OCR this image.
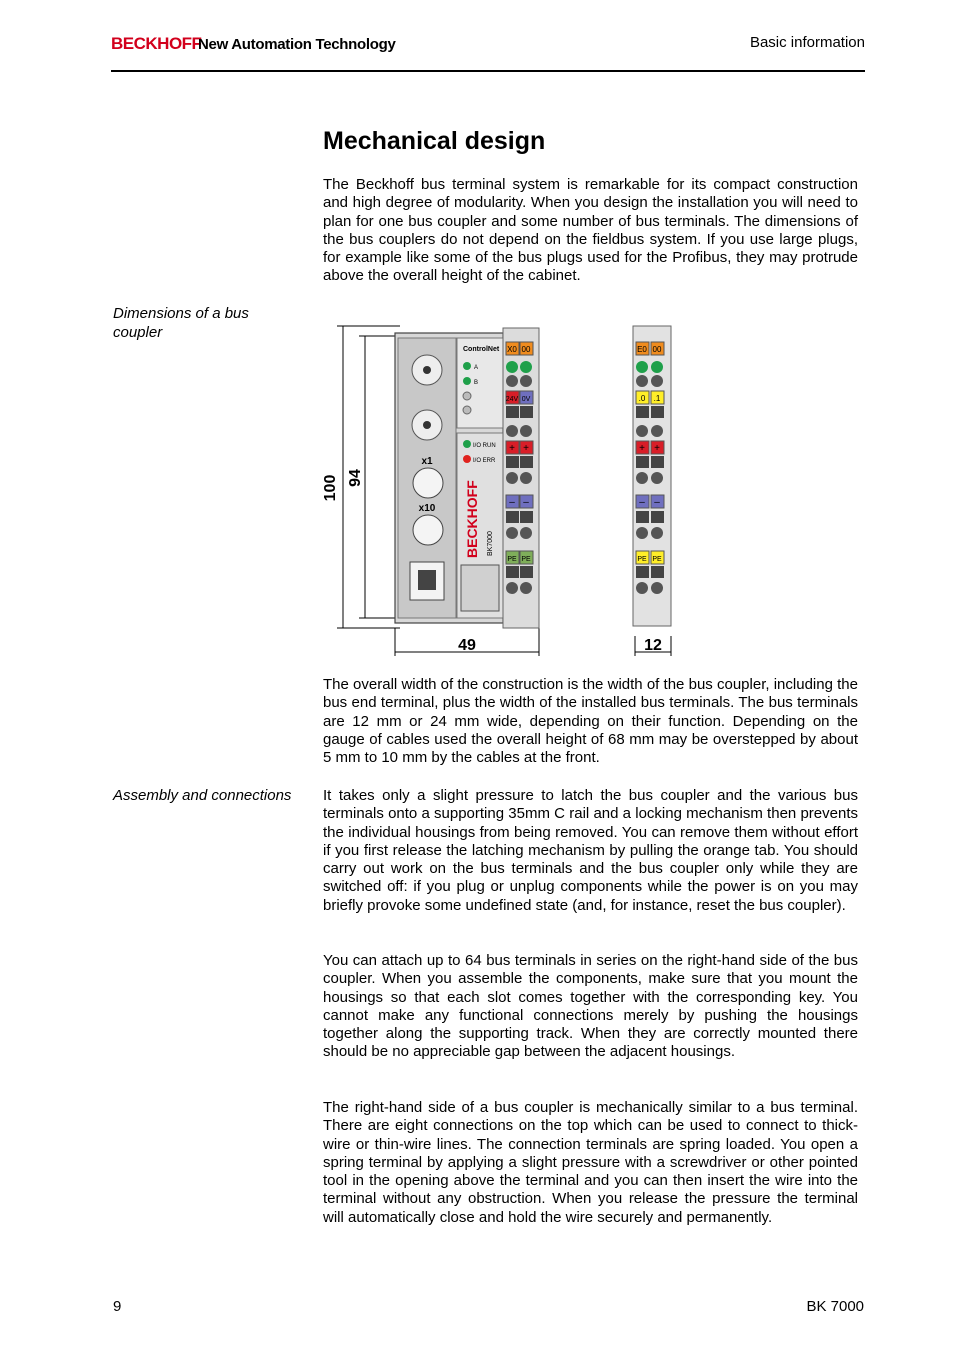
BECKHOFF
New Automation Technology	Basic information
Mechanical design

The Beckhoff bus terminal system is remarkable for its compact construction and high degree of modularity. When you design the installation you will need to plan for one bus coupler and some number of bus terminals. The dimensions of the bus couplers do not depend on the fieldbus system. If you use large plugs, for example like some of the bus plugs used for the Profibus, they may protrude above the overall height of the cabinet.

Dimensions of a bus coupler

100 94
49	12
x1
x10
ControlNet
A
B
I/O RUN
I/O ERR
BECKHOFF BK7000
X0 00
24V 0V
+ +
– –
PE PE
E0 00
.0 .1
+ +
– –
PE PE

The overall width of the construction is the width of the bus coupler, including the bus end terminal, plus the width of the installed bus terminals. The bus terminals are 12 mm or 24 mm wide, depending on their function. Depending on the gauge of cables used the overall height of 68 mm may be overstepped by about 5 mm to 10 mm by the cables at the front.

Assembly and connections It takes only a slight pressure to latch the bus coupler and the various bus terminals onto a supporting 35mm C rail and a locking mechanism then prevents the individual housings from being removed. You can remove them without effort if you first release the latching mechanism by pulling the orange tab. You should carry out work on the bus terminals and the bus coupler only while they are switched off: if you plug or unplug components while the power is on you may briefly provoke some undefined state (and, for instance, reset the bus coupler).

You can attach up to 64 bus terminals in series on the right-hand side of the bus coupler. When you assemble the components, make sure that you mount the housings so that each slot comes together with the corresponding key. You cannot make any functional connections merely by pushing the housings together along the supporting track. When they are correctly mounted there should be no appreciable gap between the adjacent housings.

The right-hand side of a bus coupler is mechanically similar to a bus terminal. There are eight connections on the top which can be used to connect to thick-wire or thin-wire lines. The connection terminals are spring loaded. You open a spring terminal by applying a slight pressure with a screwdriver or other pointed tool in the opening above the terminal and you can then insert the wire into the terminal without any obstruction. When you release the pressure the terminal will automatically close and hold the wire securely and permanently.

9	BK 7000
